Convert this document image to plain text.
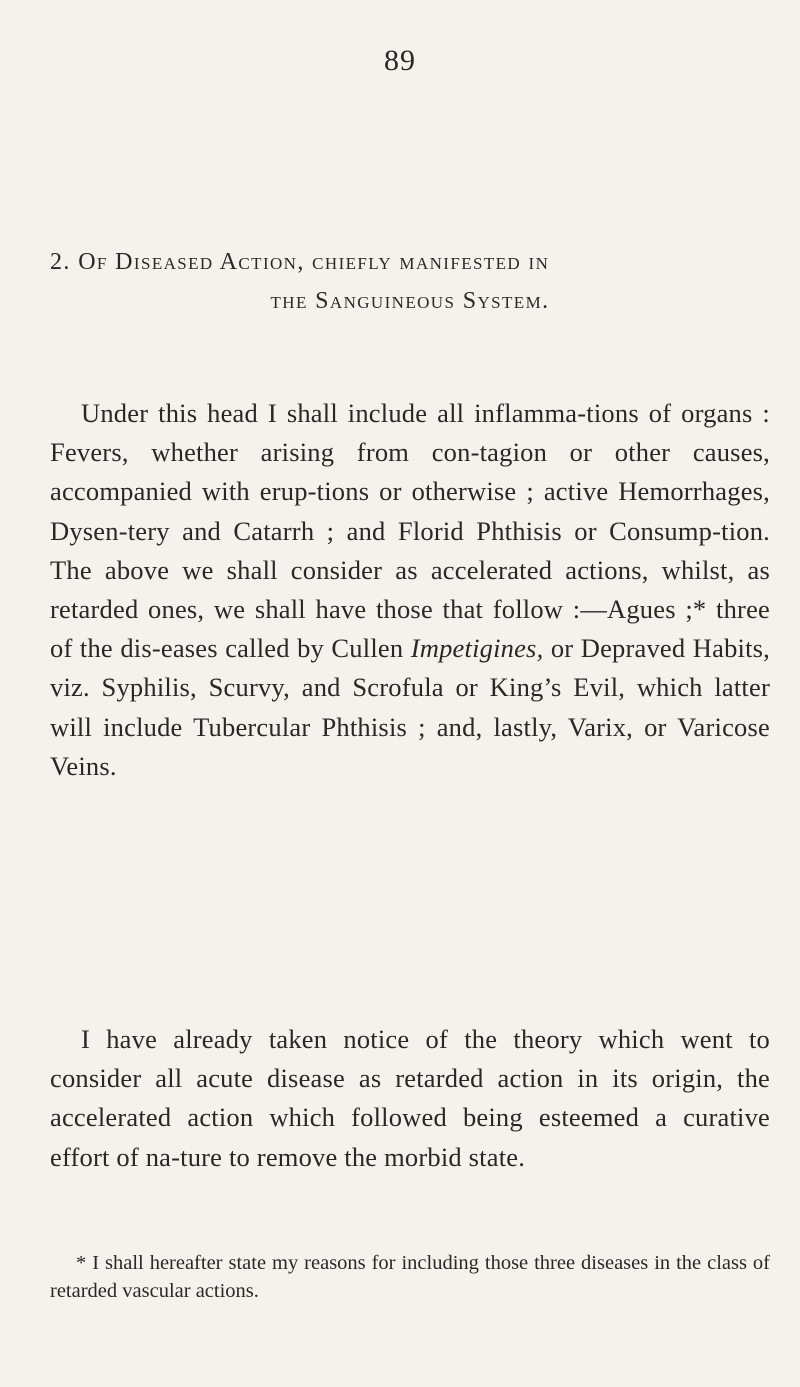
89
2. Of Diseased Action, chiefly manifested in
the Sanguineous System.

Under this head I shall include all inflamma-tions of organs : Fevers, whether arising from con-tagion or other causes, accompanied with erup-tions or otherwise ; active Hemorrhages, Dysen-tery and Catarrh ; and Florid Phthisis or Consump-tion. The above we shall consider as accelerated actions, whilst, as retarded ones, we shall have those that follow :—Agues ;* three of the dis-eases called by Cullen Impetigines, or Depraved Habits, viz. Syphilis, Scurvy, and Scrofula or King’s Evil, which latter will include Tubercular Phthisis ; and, lastly, Varix, or Varicose Veins.

I have already taken notice of the theory which went to consider all acute disease as retarded action in its origin, the accelerated action which followed being esteemed a curative effort of na-ture to remove the morbid state.

* I shall hereafter state my reasons for including those three diseases in the class of retarded vascular actions.
